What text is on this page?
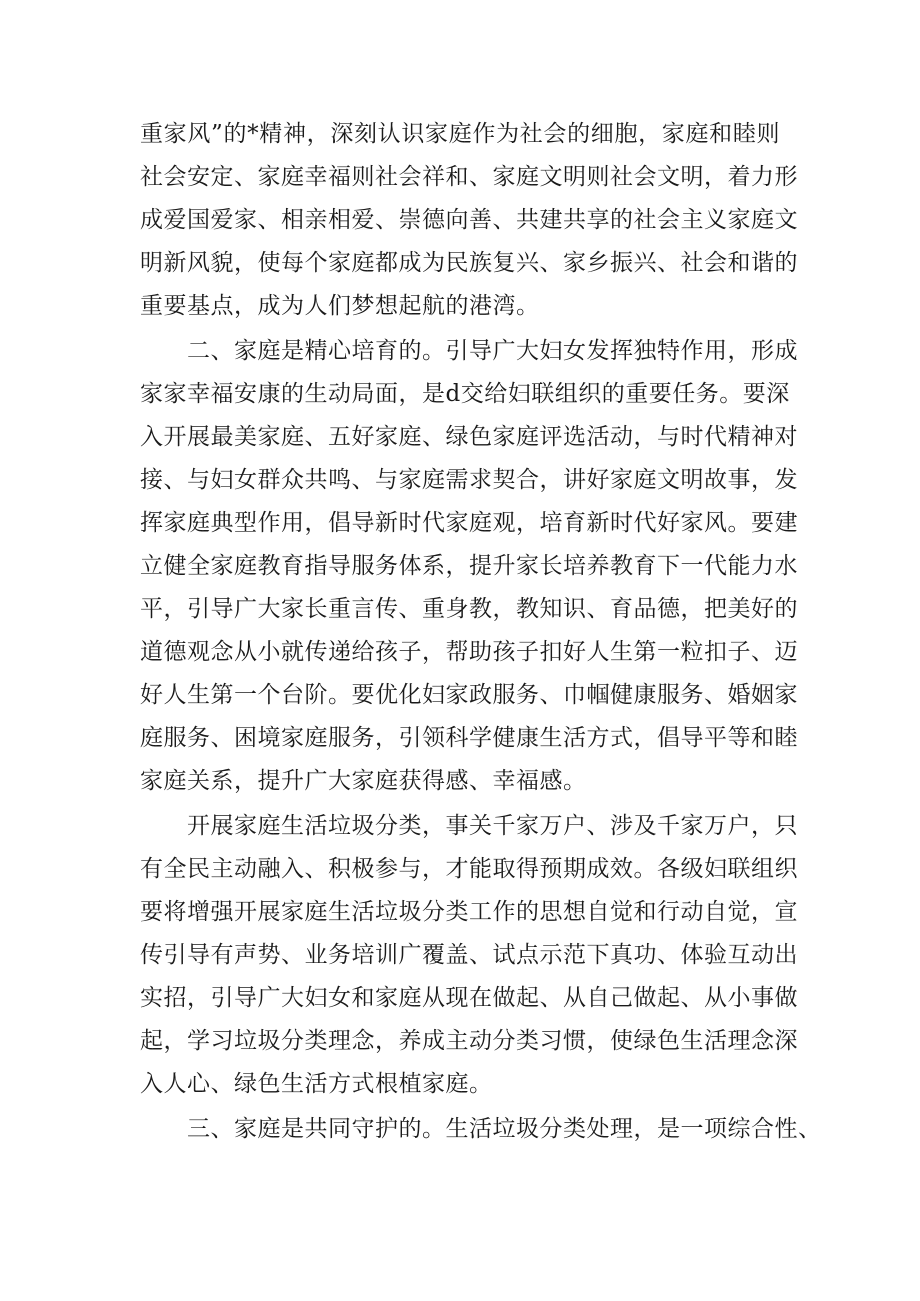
重家风”的*精神，深刻认识家庭作为社会的细胞，家庭和睦则
社会安定、家庭幸福则社会祥和、家庭文明则社会文明，着力形
成爱国爱家、相亲相爱、崇德向善、共建共享的社会主义家庭文
明新风貌，使每个家庭都成为民族复兴、家乡振兴、社会和谐的
重要基点，成为人们梦想起航的港湾。
二、家庭是精心培育的。引导广大妇女发挥独特作用，形成
家家幸福安康的生动局面，是d交给妇联组织的重要任务。要深
入开展最美家庭、五好家庭、绿色家庭评选活动，与时代精神对
接、与妇女群众共鸣、与家庭需求契合，讲好家庭文明故事，发
挥家庭典型作用，倡导新时代家庭观，培育新时代好家风。要建
立健全家庭教育指导服务体系，提升家长培养教育下一代能力水
平，引导广大家长重言传、重身教，教知识、育品德，把美好的
道德观念从小就传递给孩子，帮助孩子扣好人生第一粒扣子、迈
好人生第一个台阶。要优化妇家政服务、巾帼健康服务、婚姻家
庭服务、困境家庭服务，引领科学健康生活方式，倡导平等和睦
家庭关系，提升广大家庭获得感、幸福感。
开展家庭生活垃圾分类，事关千家万户、涉及千家万户，只
有全民主动融入、积极参与，才能取得预期成效。各级妇联组织
要将增强开展家庭生活垃圾分类工作的思想自觉和行动自觉，宣
传引导有声势、业务培训广覆盖、试点示范下真功、体验互动出
实招，引导广大妇女和家庭从现在做起、从自己做起、从小事做
起，学习垃圾分类理念，养成主动分类习惯，使绿色生活理念深
入人心、绿色生活方式根植家庭。
三、家庭是共同守护的。生活垃圾分类处理，是一项综合性、
